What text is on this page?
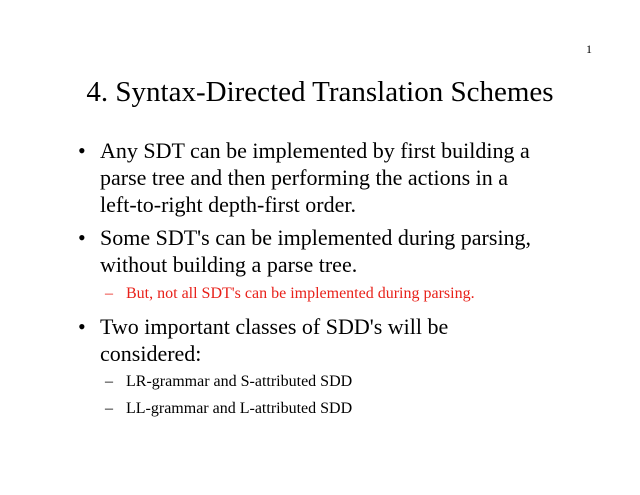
1
4. Syntax-Directed Translation Schemes
• Any SDT can be implemented by first building a
parse tree and then performing the actions in a
left-to-right depth-first order.
• Some SDT's can be implemented during parsing,
without building a parse tree.
– But, not all SDT's can be implemented during parsing.
• Two important classes of SDD's will be
considered:
– LR-grammar and S-attributed SDD
– LL-grammar and L-attributed SDD
